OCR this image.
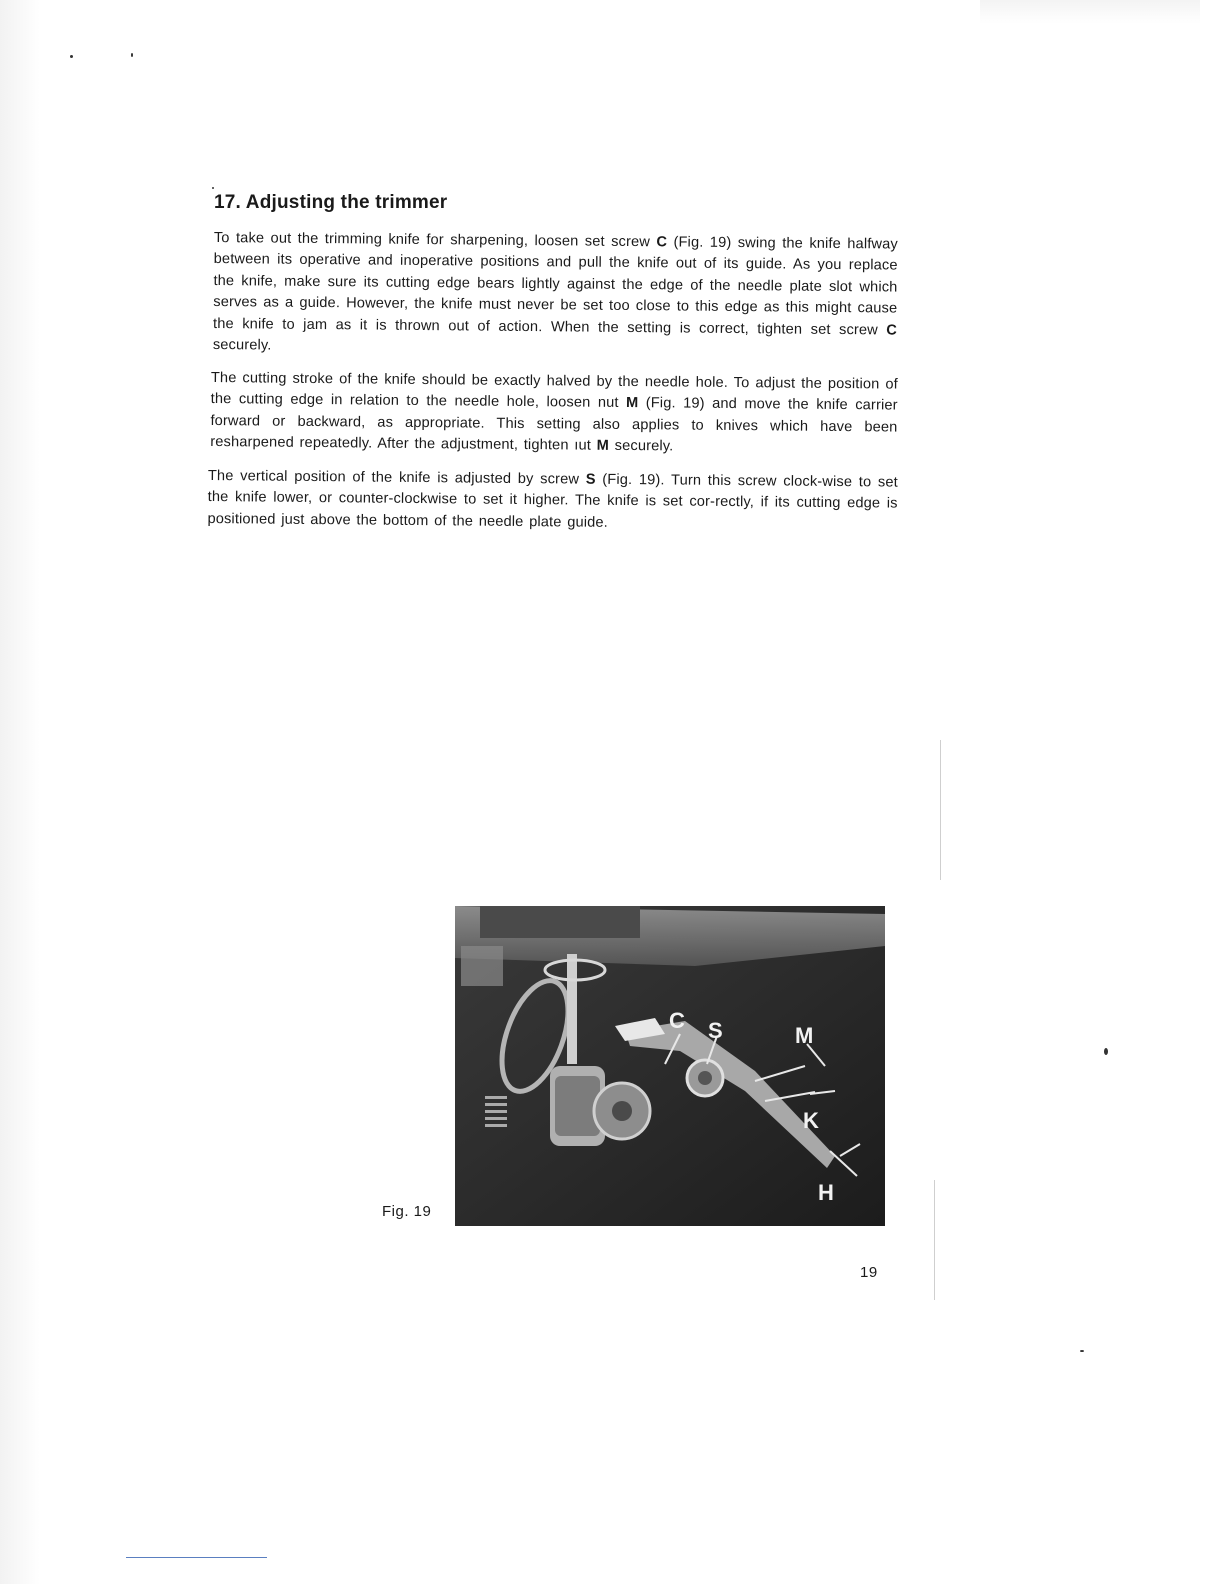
17. Adjusting the trimmer

To take out the trimming knife for sharpening, loosen set screw C (Fig. 19) swing the knife halfway between its operative and inoperative positions and pull the knife out of its guide. As you replace the knife, make sure its cutting edge bears lightly against the edge of the needle plate slot which serves as a guide. However, the knife must never be set too close to this edge as this might cause the knife to jam as it is thrown out of action. When the setting is correct, tighten set screw C securely.

The cutting stroke of the knife should be exactly halved by the needle hole. To adjust the position of the cutting edge in relation to the needle hole, loosen nut M (Fig. 19) and move the knife carrier forward or backward, as appropriate. This setting also applies to knives which have been resharpened repeatedly. After the adjustment, tighten ıut M securely.

The vertical position of the knife is adjusted by screw S (Fig. 19). Turn this screw clock-wise to set the knife lower, or counter-clockwise to set it higher. The knife is set cor-rectly, if its cutting edge is positioned just above the bottom of the needle plate guide.

Fig. 19
C S	M
K
H
19
